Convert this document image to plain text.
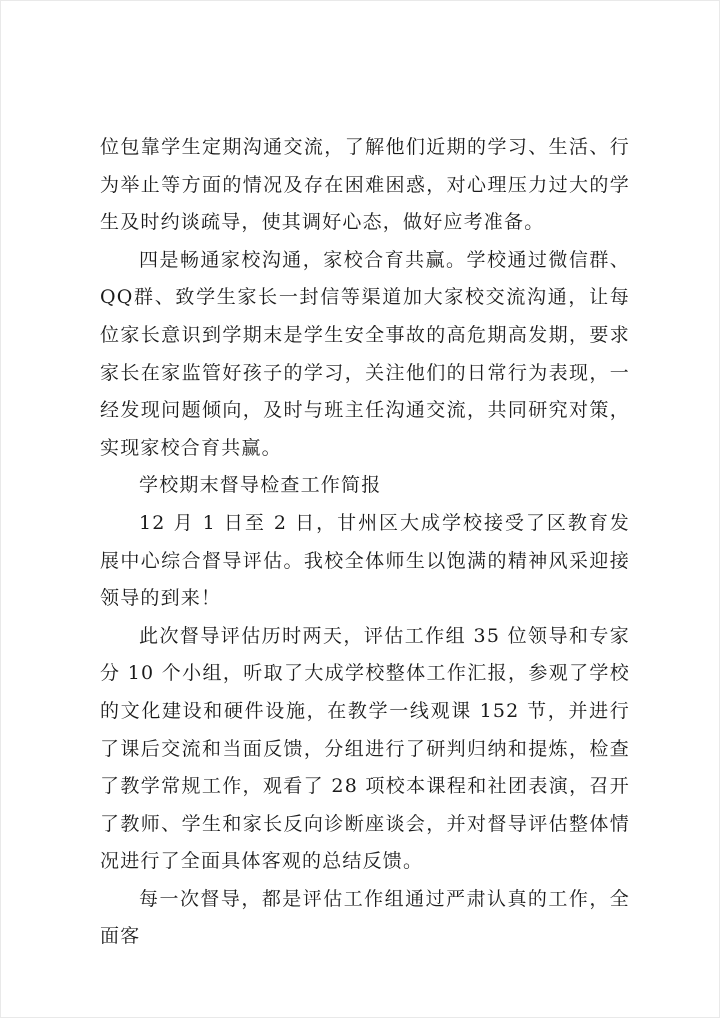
位包靠学生定期沟通交流，了解他们近期的学习、生活、行为举止等方面的情况及存在困难困惑，对心理压力过大的学生及时约谈疏导，使其调好心态，做好应考准备。

四是畅通家校沟通，家校合育共赢。学校通过微信群、QQ群、致学生家长一封信等渠道加大家校交流沟通，让每位家长意识到学期末是学生安全事故的高危期高发期，要求家长在家监管好孩子的学习，关注他们的日常行为表现，一经发现问题倾向，及时与班主任沟通交流，共同研究对策，实现家校合育共赢。

学校期末督导检查工作简报

12 月 1 日至 2 日，甘州区大成学校接受了区教育发展中心综合督导评估。我校全体师生以饱满的精神风采迎接领导的到来！

此次督导评估历时两天，评估工作组 35 位领导和专家分 10 个小组，听取了大成学校整体工作汇报，参观了学校的文化建设和硬件设施，在教学一线观课 152 节，并进行了课后交流和当面反馈，分组进行了研判归纳和提炼，检查了教学常规工作，观看了 28 项校本课程和社团表演，召开了教师、学生和家长反向诊断座谈会，并对督导评估整体情况进行了全面具体客观的总结反馈。

每一次督导，都是评估工作组通过严肃认真的工作，全面客
